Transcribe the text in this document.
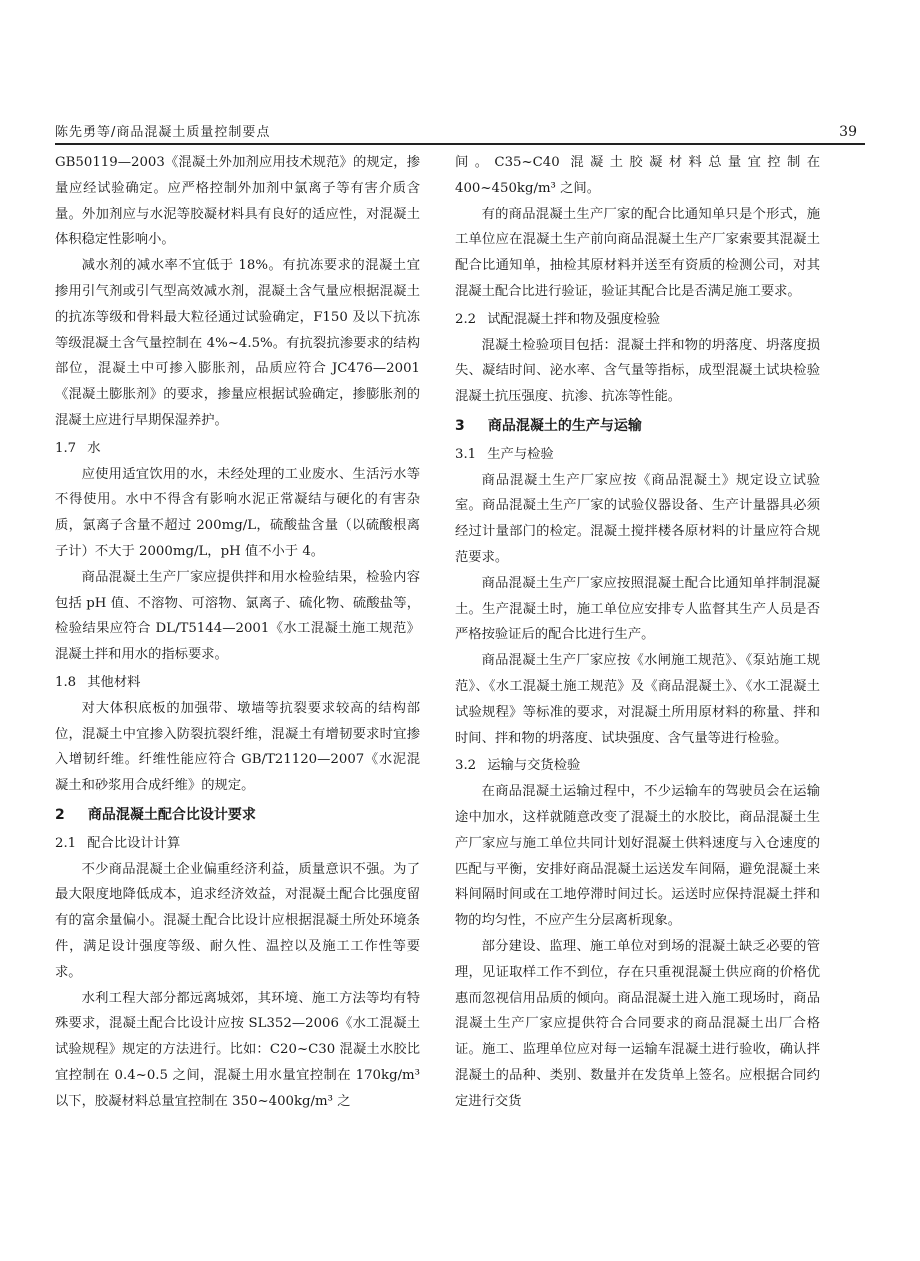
陈先勇等/商品混凝土质量控制要点	39

GB50119—2003《混凝土外加剂应用技术规范》的规定，掺量应经试验确定。应严格控制外加剂中氯离子等有害介质含量。外加剂应与水泥等胶凝材料具有良好的适应性，对混凝土体积稳定性影响小。

减水剂的减水率不宜低于 18%。有抗冻要求的混凝土宜掺用引气剂或引气型高效减水剂，混凝土含气量应根据混凝土的抗冻等级和骨料最大粒径通过试验确定，F150 及以下抗冻等级混凝土含气量控制在 4%~4.5%。有抗裂抗渗要求的结构部位，混凝土中可掺入膨胀剂，品质应符合 JC476—2001《混凝土膨胀剂》的要求，掺量应根据试验确定，掺膨胀剂的混凝土应进行早期保湿养护。

1.7 水

应使用适宜饮用的水，未经处理的工业废水、生活污水等不得使用。水中不得含有影响水泥正常凝结与硬化的有害杂质，氯离子含量不超过 200mg/L，硫酸盐含量（以硫酸根离子计）不大于 2000mg/L，pH 值不小于 4。

商品混凝土生产厂家应提供拌和用水检验结果，检验内容包括 pH 值、不溶物、可溶物、氯离子、硫化物、硫酸盐等，检验结果应符合 DL/T5144—2001《水工混凝土施工规范》混凝土拌和用水的指标要求。

1.8 其他材料

对大体积底板的加强带、墩墙等抗裂要求较高的结构部位，混凝土中宜掺入防裂抗裂纤维，混凝土有增韧要求时宜掺入增韧纤维。纤维性能应符合 GB/T21120—2007《水泥混凝土和砂浆用合成纤维》的规定。

2 商品混凝土配合比设计要求
2.1 配合比设计计算

不少商品混凝土企业偏重经济利益，质量意识不强。为了最大限度地降低成本，追求经济效益，对混凝土配合比强度留有的富余量偏小。混凝土配合比设计应根据混凝土所处环境条件，满足设计强度等级、耐久性、温控以及施工工作性等要求。

水利工程大部分都远离城郊，其环境、施工方法等均有特殊要求，混凝土配合比设计应按 SL352—2006《水工混凝土试验规程》规定的方法进行。比如：C20~C30 混凝土水胶比宜控制在 0.4~0.5 之间，混凝土用水量宜控制在 170kg/m³ 以下，胶凝材料总量宜控制在 350~400kg/m³ 之

间。C35~C40 混凝土胶凝材料总量宜控制在 400~450kg/m³ 之间。

有的商品混凝土生产厂家的配合比通知单只是个形式，施工单位应在混凝土生产前向商品混凝土生产厂家索要其混凝土配合比通知单，抽检其原材料并送至有资质的检测公司，对其混凝土配合比进行验证，验证其配合比是否满足施工要求。

2.2 试配混凝土拌和物及强度检验

混凝土检验项目包括：混凝土拌和物的坍落度、坍落度损失、凝结时间、泌水率、含气量等指标，成型混凝土试块检验混凝土抗压强度、抗渗、抗冻等性能。

3 商品混凝土的生产与运输
3.1 生产与检验

商品混凝土生产厂家应按《商品混凝土》规定设立试验室。商品混凝土生产厂家的试验仪器设备、生产计量器具必须经过计量部门的检定。混凝土搅拌楼各原材料的计量应符合规范要求。

商品混凝土生产厂家应按照混凝土配合比通知单拌制混凝土。生产混凝土时，施工单位应安排专人监督其生产人员是否严格按验证后的配合比进行生产。

商品混凝土生产厂家应按《水闸施工规范》、《泵站施工规范》、《水工混凝土施工规范》及《商品混凝土》、《水工混凝土试验规程》等标准的要求，对混凝土所用原材料的称量、拌和时间、拌和物的坍落度、试块强度、含气量等进行检验。

3.2 运输与交货检验

在商品混凝土运输过程中，不少运输车的驾驶员会在运输途中加水，这样就随意改变了混凝土的水胶比，商品混凝土生产厂家应与施工单位共同计划好混凝土供料速度与入仓速度的匹配与平衡，安排好商品混凝土运送发车间隔，避免混凝土来料间隔时间或在工地停滞时间过长。运送时应保持混凝土拌和物的均匀性，不应产生分层离析现象。

部分建设、监理、施工单位对到场的混凝土缺乏必要的管理，见证取样工作不到位，存在只重视混凝土供应商的价格优惠而忽视信用品质的倾向。商品混凝土进入施工现场时，商品混凝土生产厂家应提供符合合同要求的商品混凝土出厂合格证。施工、监理单位应对每一运输车混凝土进行验收，确认拌混凝土的品种、类别、数量并在发货单上签名。应根据合同约定进行交货
